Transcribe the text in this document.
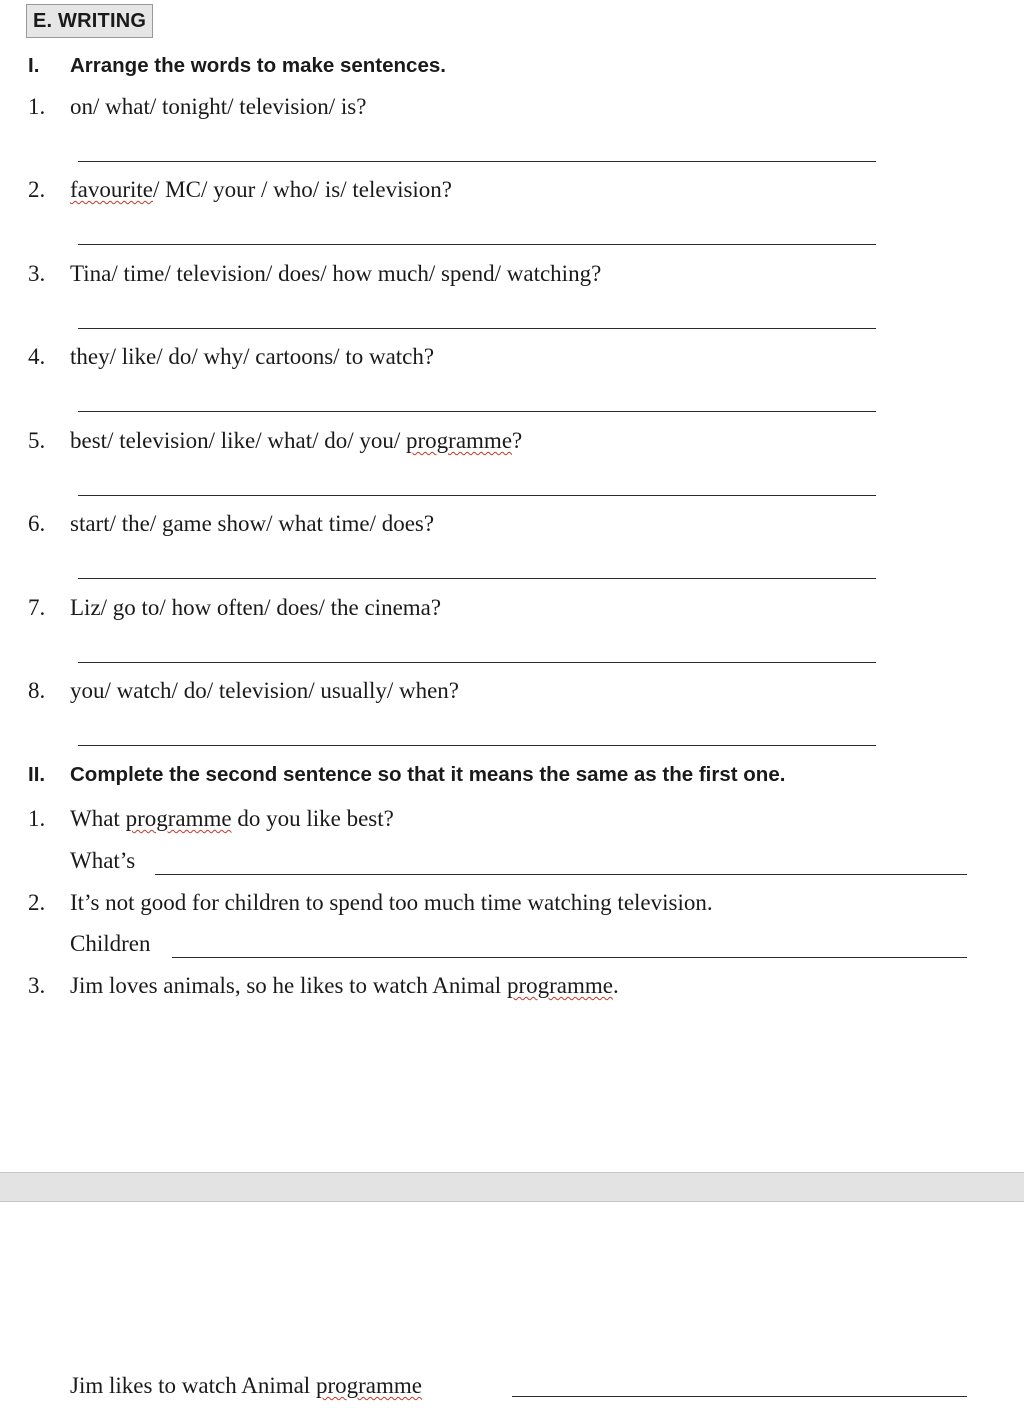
E. WRITING
I. Arrange the words to make sentences.
1. on/ what/ tonight/ television/ is?
2. favourite/ MC/ your / who/ is/ television?
3. Tina/ time/ television/ does/ how much/ spend/ watching?
4. they/ like/ do/ why/ cartoons/ to watch?
5. best/ television/ like/ what/ do/ you/ programme?
6. start/ the/ game show/ what time/ does?
7. Liz/ go to/ how often/ does/ the cinema?
8. you/ watch/ do/ television/ usually/ when?
II. Complete the second sentence so that it means the same as the first one.
1. What programme do you like best?
What’s
2. It’s not good for children to spend too much time watching television.
Children
3. Jim loves animals, so he likes to watch Animal programme.
Jim likes to watch Animal programme
